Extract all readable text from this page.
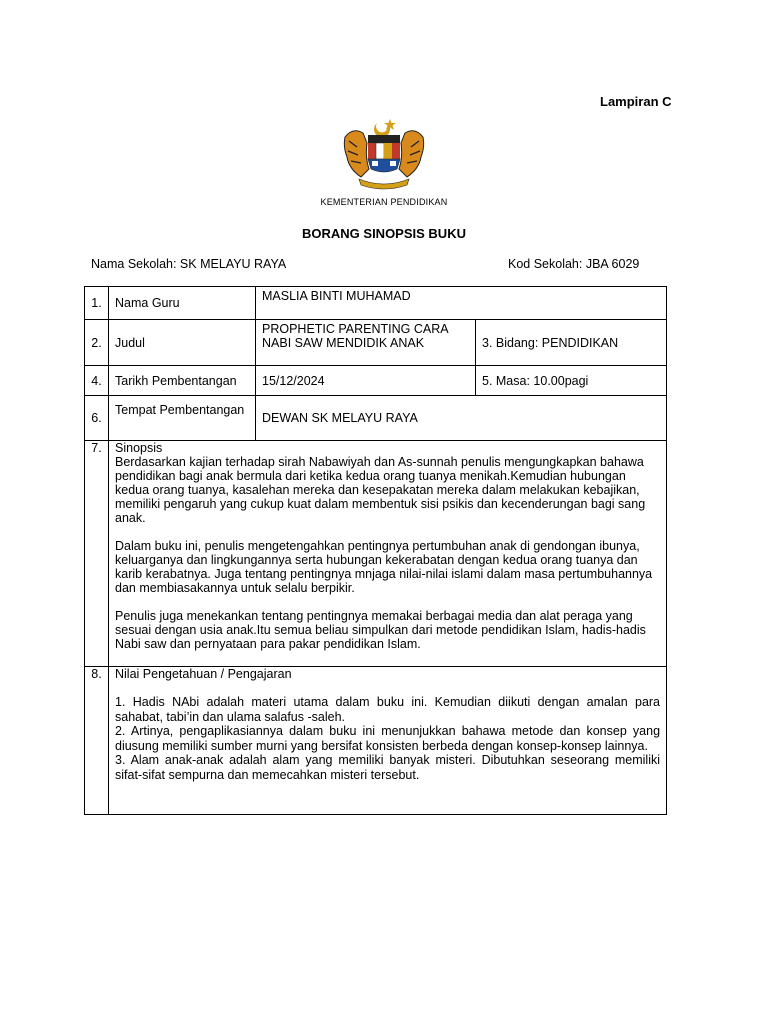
Lampiran C
KEMENTERIAN PENDIDIKAN
BORANG SINOPSIS BUKU
Nama Sekolah: SK MELAYU RAYA	Kod Sekolah: JBA 6029
1.	Nama Guru	MASLIA BINTI MUHAMAD	
2.	Judul	PROPHETIC PARENTING CARA
NABI SAW MENDIDIK ANAK	3. Bidang: PENDIDIKAN
4.	Tarikh Pembentangan	15/12/2024	5. Masa: 10.00pagi
6.	Tempat Pembentangan	DEWAN SK MELAYU RAYA	
7.	Sinopsis

Berdasarkan kajian terhadap sirah Nabawiyah dan As-sunnah penulis mengungkapkan bahawa pendidikan bagi anak bermula dari ketika kedua orang tuanya menikah.Kemudian hubungan kedua orang tuanya, kasalehan mereka dan kesepakatan mereka dalam melakukan kebajikan, memiliki pengaruh yang cukup kuat dalam membentuk sisi psikis dan kecenderungan bagi sang anak.

Dalam buku ini, penulis mengetengahkan pentingnya pertumbuhan anak di gendongan ibunya, keluarganya dan lingkungannya serta hubungan kekerabatan dengan kedua orang tuanya dan karib kerabatnya. Juga tentang pentingnya mnjaga nilai-nilai islami dalam masa pertumbuhannya dan membiasakannya untuk selalu berpikir.

Penulis juga menekankan tentang pentingnya memakai berbagai media dan alat peraga yang sesuai dengan usia anak.Itu semua beliau simpulkan dari metode pendidikan Islam, hadis-hadis Nabi saw dan pernyataan para pakar pendidikan Islam.		

8.	Nilai Pengetahuan / Pengajaran
1. Hadis NAbi adalah materi utama dalam buku ini. Kemudian diikuti dengan amalan para sahabat, tabi’in dan ulama salafus -saleh.
2. Artinya, pengaplikasiannya dalam buku ini menunjukkan bahawa metode dan konsep yang diusung memiliki sumber murni yang bersifat konsisten berbeda dengan konsep-konsep lainnya.
3. Alam anak-anak adalah alam yang memiliki banyak misteri. Dibutuhkan seseorang memiliki sifat-sifat sempurna dan memecahkan misteri tersebut.		
